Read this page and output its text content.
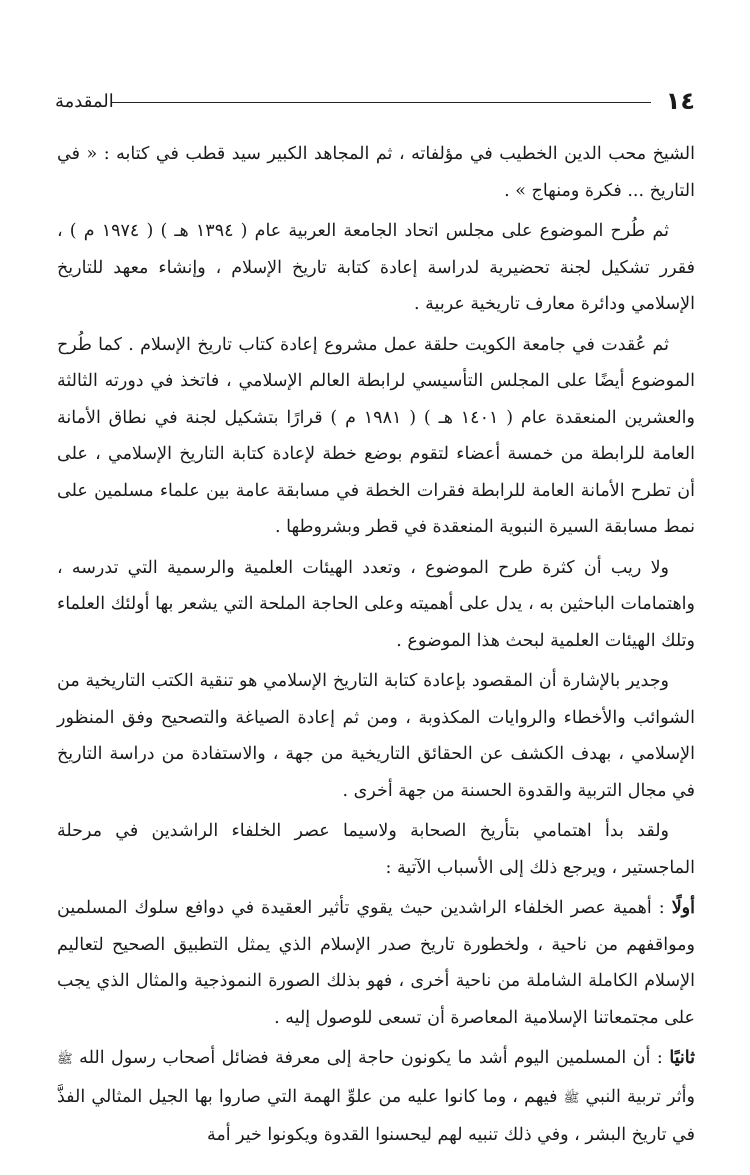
١٤
المقدمة

الشيخ محب الدين الخطيب في مؤلفاته ، ثم المجاهد الكبير سيد قطب في كتابه : « في التاريخ ... فكرة ومنهاج » .

ثم طُرح الموضوع على مجلس اتحاد الجامعة العربية عام ( ١٣٩٤ هـ ) ( ١٩٧٤ م ) ، فقرر تشكيل لجنة تحضيرية لدراسة إعادة كتابة تاريخ الإسلام ، وإنشاء معهد للتاريخ الإسلامي ودائرة معارف تاريخية عربية .

ثم عُقدت في جامعة الكويت حلقة عمل مشروع إعادة كتاب تاريخ الإسلام . كما طُرح الموضوع أيضًا على المجلس التأسيسي لرابطة العالم الإسلامي ، فاتخذ في دورته الثالثة والعشرين المنعقدة عام ( ١٤٠١ هـ ) ( ١٩٨١ م ) قرارًا بتشكيل لجنة في نطاق الأمانة العامة للرابطة من خمسة أعضاء لتقوم بوضع خطة لإعادة كتابة التاريخ الإسلامي ، على أن تطرح الأمانة العامة للرابطة فقرات الخطة في مسابقة عامة بين علماء مسلمين على نمط مسابقة السيرة النبوية المنعقدة في قطر وبشروطها .

ولا ريب أن كثرة طرح الموضوع ، وتعدد الهيئات العلمية والرسمية التي تدرسه ، واهتمامات الباحثين به ، يدل على أهميته وعلى الحاجة الملحة التي يشعر بها أولئك العلماء وتلك الهيئات العلمية لبحث هذا الموضوع .

وجدير بالإشارة أن المقصود بإعادة كتابة التاريخ الإسلامي هو تنقية الكتب التاريخية من الشوائب والأخطاء والروايات المكذوبة ، ومن ثم إعادة الصياغة والتصحيح وفق المنظور الإسلامي ، بهدف الكشف عن الحقائق التاريخية من جهة ، والاستفادة من دراسة التاريخ في مجال التربية والقدوة الحسنة من جهة أخرى .

ولقد بدأ اهتمامي بتأريخ الصحابة ولاسيما عصر الخلفاء الراشدين في مرحلة الماجستير ، ويرجع ذلك إلى الأسباب الآتية :

أولًا : أهمية عصر الخلفاء الراشدين حيث يقوي تأثير العقيدة في دوافع سلوك المسلمين ومواقفهم من ناحية ، ولخطورة تاريخ صدر الإسلام الذي يمثل التطبيق الصحيح لتعاليم الإسلام الكاملة الشاملة من ناحية أخرى ، فهو بذلك الصورة النموذجية والمثال الذي يجب على مجتمعاتنا الإسلامية المعاصرة أن تسعى للوصول إليه .

ثانيًا : أن المسلمين اليوم أشد ما يكونون حاجة إلى معرفة فضائل أصحاب رسول الله ﷺ وأثر تربية النبي ﷺ فيهم ، وما كانوا عليه من علوِّ الهمة التي صاروا بها الجيل المثالي الفذَّ في تاريخ البشر ، وفي ذلك تنبيه لهم ليحسنوا القدوة ويكونوا خير أمة
